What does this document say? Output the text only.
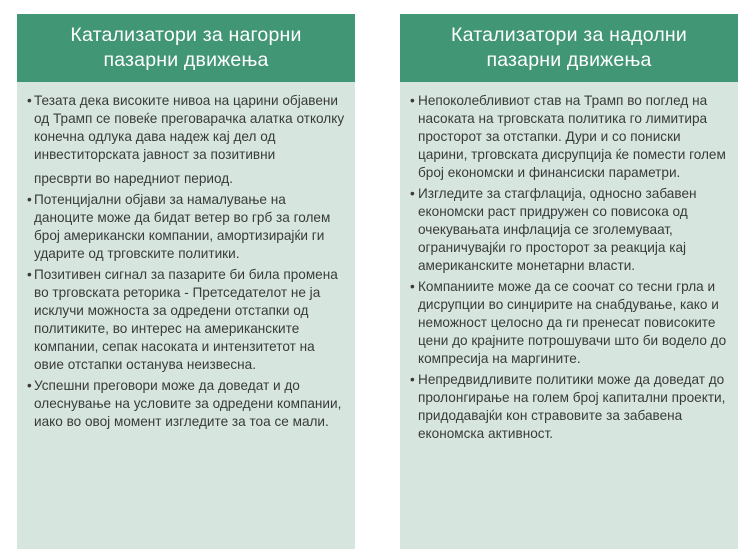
Катализатори за нагорни
пазарни движења
• Тезата дека високите нивоа на царини објавени од Трамп се повеќе преговарачка алатка отколку конечна одлука дава надеж кај дел од инвеститорската јавност за позитивни
пресврти во наредниот период.
• Потенцијални објави за намалување на даноците може да бидат ветер во грб за голем број американски компании, амортизирајќи ги ударите од трговските политики.
• Позитивен сигнал за пазарите би била промена во трговската реторика - Претседателот не ја исклучи можноста за одредени отстапки од политиките, во интерес на американските компании, сепак насоката и интензитетот на овие отстапки останува неизвесна.
• Успешни преговори може да доведат и до олеснување на условите за одредени компании, иако во овој момент изгледите за тоа се мали.
Катализатори за надолни
пазарни движења
• Непоколебливиот став на Трамп во поглед на насоката на трговската политика го лимитира просторот за отстапки. Дури и со пониски царини, трговската дисрупција ќе помести голем број економски и финансиски параметри.
• Изгледите за стагфлација, односно забавен економски раст придружен со повисока од очекувањата инфлација се зголемуваат, ограничувајќи го просторот за реакција кај американските монетарни власти.
• Компаниите може да се соочат со тесни грла и дисрупции во синџирите на снабдување, како и неможност целосно да ги пренесат повисоките цени до крајните потрошувачи што би водело до компресија на маргините.
• Непредвидливите политики може да доведат до пролонгирање на голем број капитални проекти, придодавајќи кон стравовите за забавена економска активност.
